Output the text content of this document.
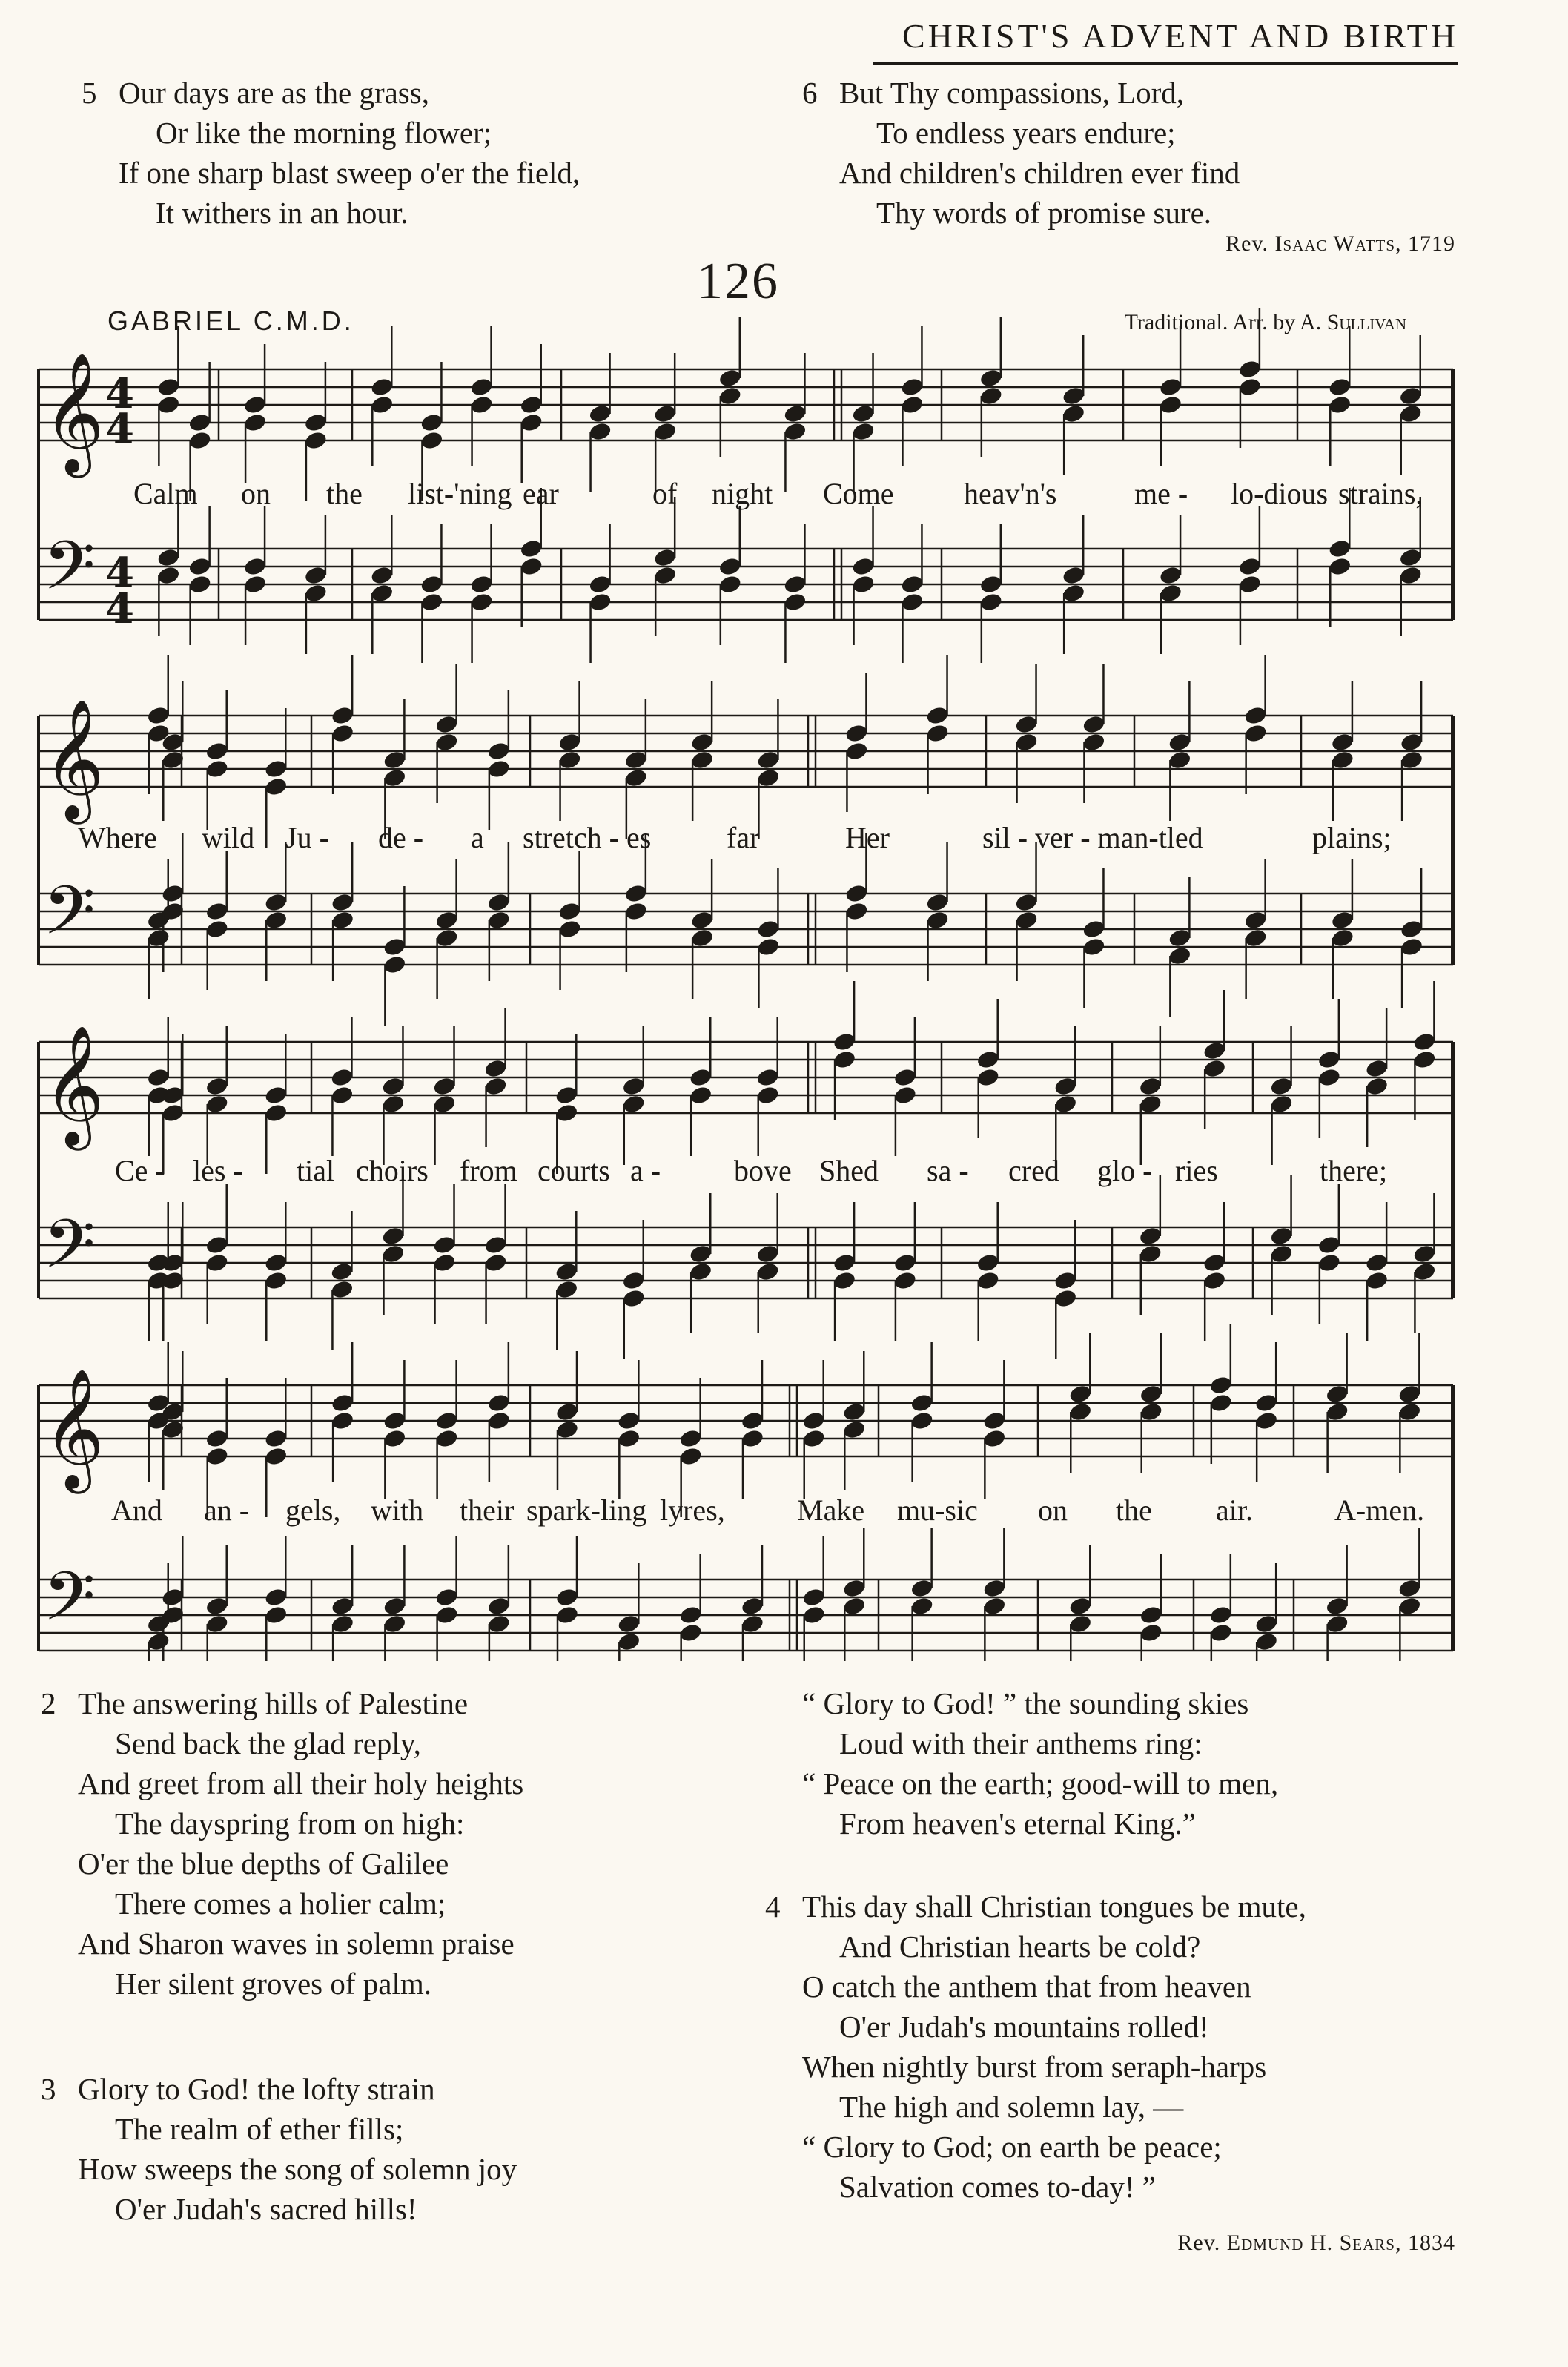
CHRIST'S ADVENT AND BIRTH
5 Our days are as the grass,
Or like the morning flower;
If one sharp blast sweep o'er the field,
It withers in an hour.
6 But Thy compassions, Lord,
To endless years endure;
And children's children ever find
Thy words of promise sure.
Rev. Isaac Watts, 1719
126
GABRIEL C.M.D.	Traditional. Arr. by A. Sullivan
𝄞 4
4
𝄢 4
4
𝄞
𝄢
𝄞
𝄢
𝄞
𝄢
Calm on the list-'ning ear	of night Come heav'n's	me - lo-dious strains,
Where wild Ju - de - a stretch - es	far	Her	sil - ver - man-tled	plains;
Ce - les - tial choirs from courts a - bove Shed sa - cred glo - ries	there;
And an - gels, with their spark-ling lyres, Make mu-sic on the air.	A-men.
2 The answering hills of Palestine
Send back the glad reply,
And greet from all their holy heights
The dayspring from on high:
O'er the blue depths of Galilee
There comes a holier calm;
And Sharon waves in solemn praise
Her silent groves of palm.
3 Glory to God! the lofty strain
The realm of ether fills;
How sweeps the song of solemn joy
O'er Judah's sacred hills!
“ Glory to God! ” the sounding skies
Loud with their anthems ring:
“ Peace on the earth; good-will to men,
From heaven's eternal King.”
4 This day shall Christian tongues be mute,
And Christian hearts be cold?
O catch the anthem that from heaven
O'er Judah's mountains rolled!
When nightly burst from seraph-harps
The high and solemn lay, —
“ Glory to God; on earth be peace;
Salvation comes to-day! ”
Rev. Edmund H. Sears, 1834
